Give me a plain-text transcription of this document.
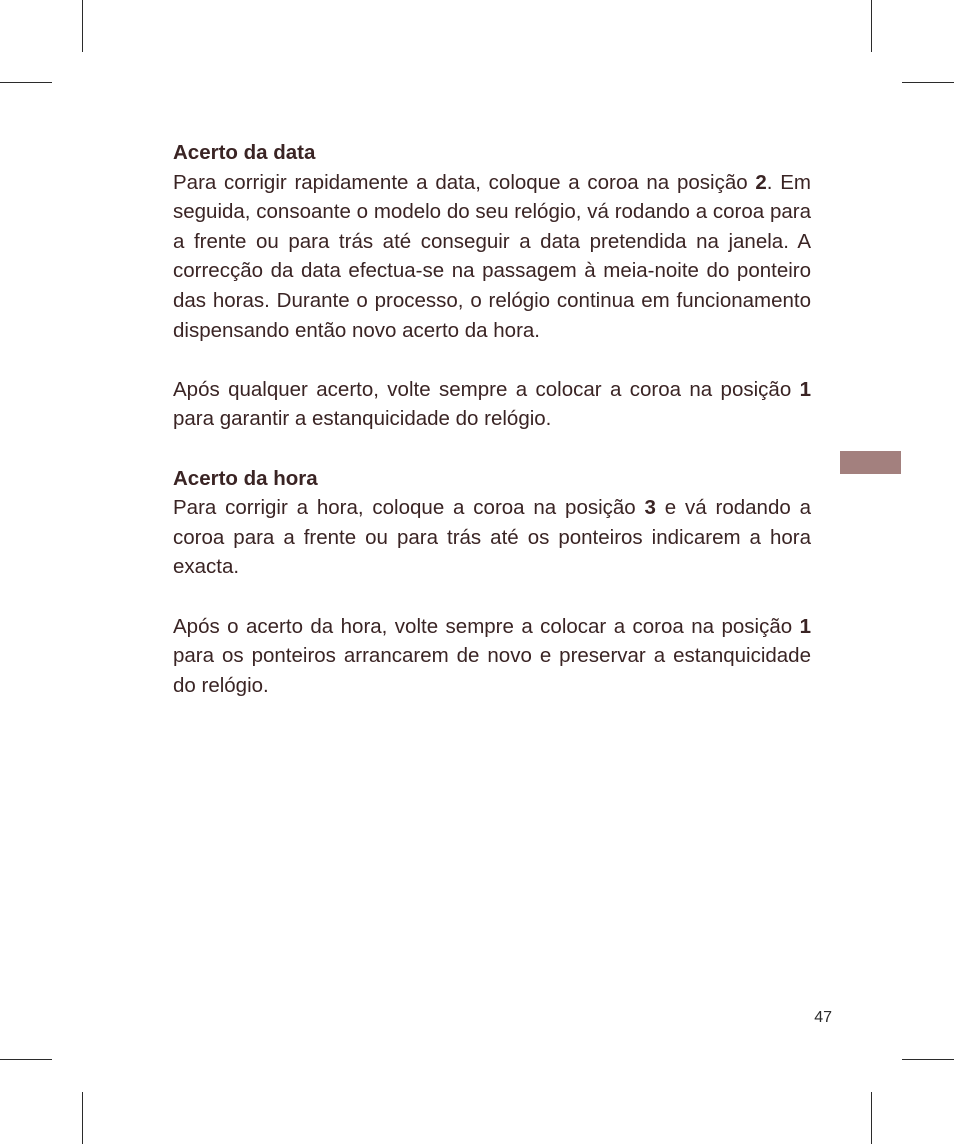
Acerto da data

Para corrigir rapidamente a data, coloque a coroa na posição 2. Em seguida, consoante o modelo do seu relógio, vá rodando a coroa para a frente ou para trás até conseguir a data pretendida na janela. A correcção da data efectua-se na passagem à meia-noite do ponteiro das horas. Durante o processo, o relógio continua em funcionamento dispensando então novo acerto da hora.

Após qualquer acerto, volte sempre a colocar a coroa na posição 1 para garantir a estanquicidade do relógio.

Acerto da hora

Para corrigir a hora, coloque a coroa na posição 3 e vá rodando a coroa para a frente ou para trás até os ponteiros indicarem a hora exacta.

Após o acerto da hora, volte sempre a colocar a coroa na posição 1 para os ponteiros arrancarem de novo e preservar a estanquicidade do relógio.

47
